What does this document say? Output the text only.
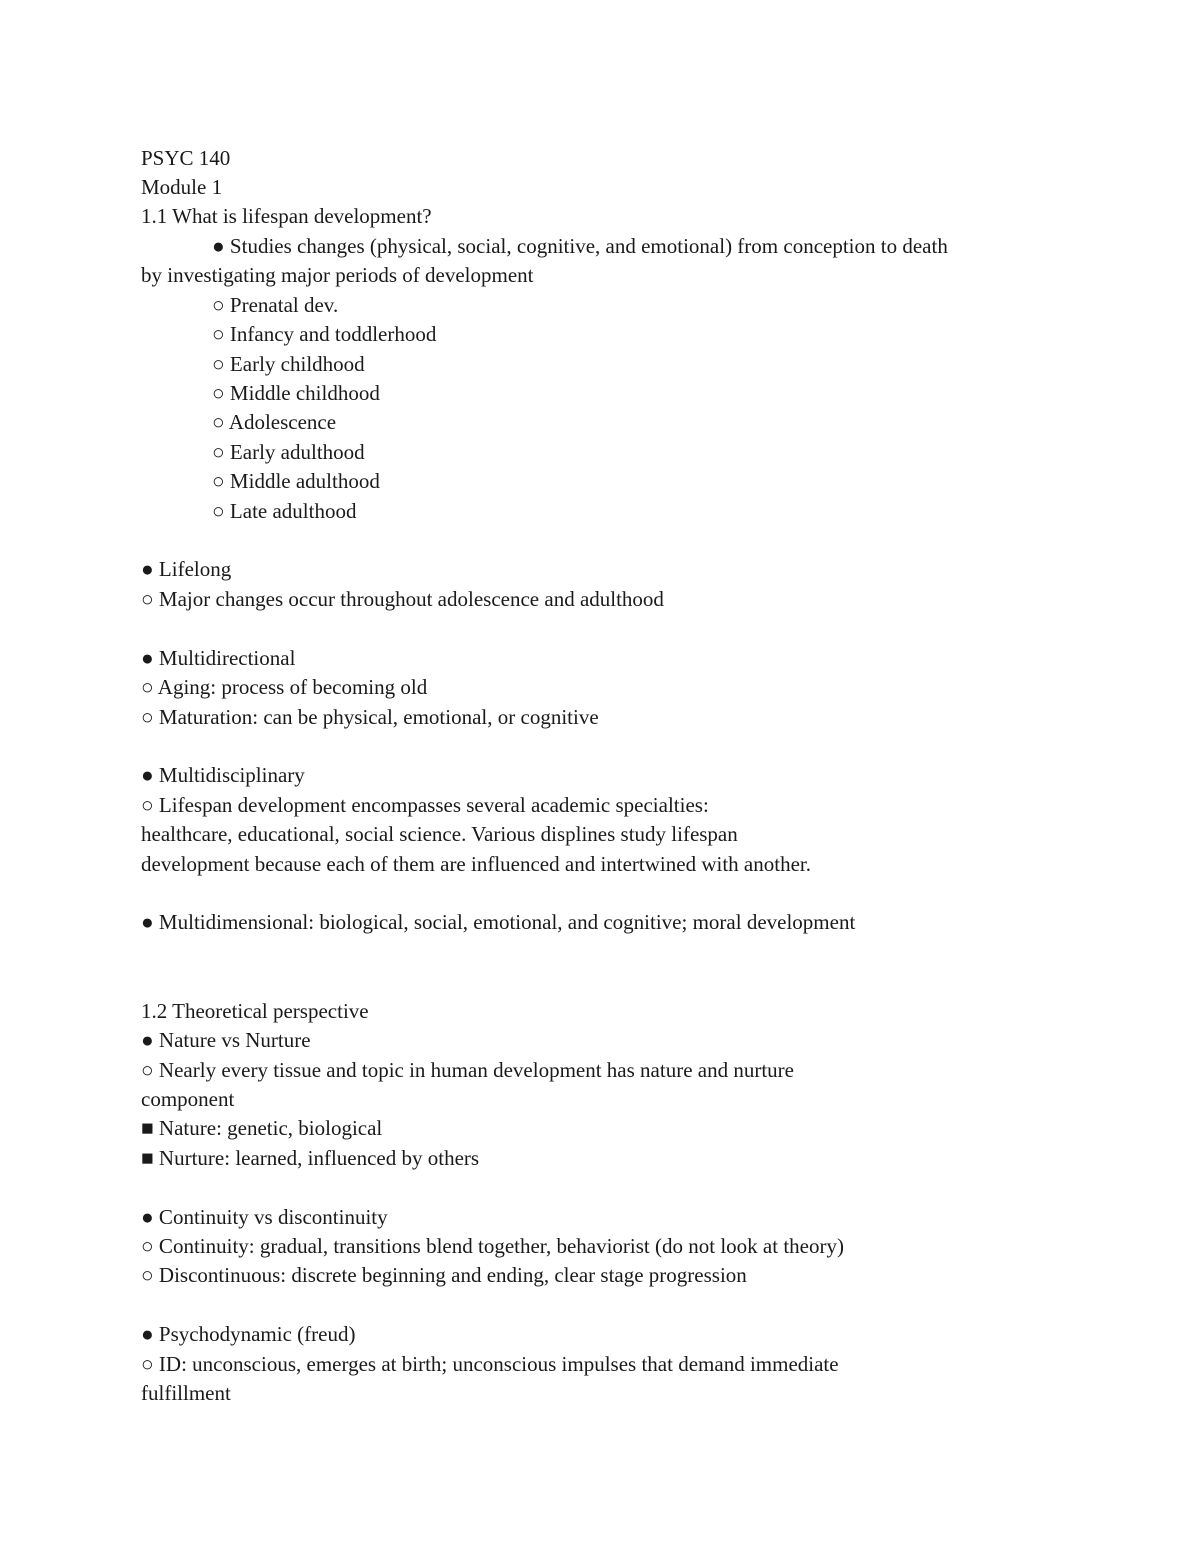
PSYC 140
Module 1
1.1 What is lifespan development?
● Studies changes (physical, social, cognitive, and emotional) from conception to death
by investigating major periods of development
○ Prenatal dev.
○ Infancy and toddlerhood
○ Early childhood
○ Middle childhood
○ Adolescence
○ Early adulthood
○ Middle adulthood
○ Late adulthood
● Lifelong
○ Major changes occur throughout adolescence and adulthood
● Multidirectional
○ Aging: process of becoming old
○ Maturation: can be physical, emotional, or cognitive
● Multidisciplinary
○ Lifespan development encompasses several academic specialties:
healthcare, educational, social science. Various displines study lifespan
development because each of them are influenced and intertwined with another.
● Multidimensional: biological, social, emotional, and cognitive; moral development
1.2 Theoretical perspective
● Nature vs Nurture
○ Nearly every tissue and topic in human development has nature and nurture
component
■ Nature: genetic, biological
■ Nurture: learned, influenced by others
● Continuity vs discontinuity
○ Continuity: gradual, transitions blend together, behaviorist (do not look at theory)
○ Discontinuous: discrete beginning and ending, clear stage progression
● Psychodynamic (freud)
○ ID: unconscious, emerges at birth; unconscious impulses that demand immediate
fulfillment
